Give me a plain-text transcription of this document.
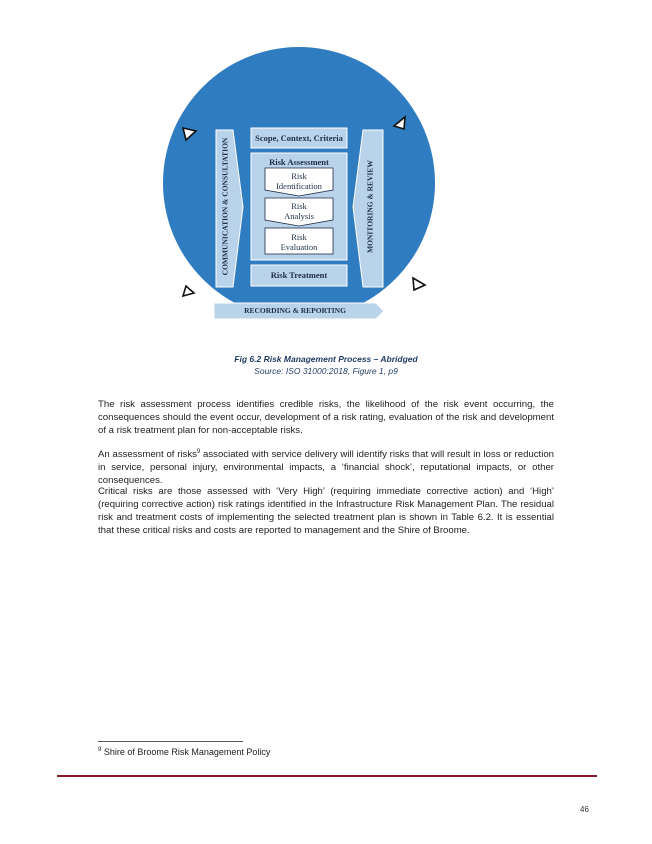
Scope, Context, Criteria
Risk Assessment
Risk
Identification
Risk
Analysis
Risk
Evaluation
Risk Treatment
COMMUNICATION & CONSULTATION	MONITORING & REVIEW
RECORDING & REPORTING
Fig 6.2 Risk Management Process – Abridged
Source: ISO 31000:2018, Figure 1, p9

The risk assessment process identifies credible risks, the likelihood of the risk event occurring, the consequences should the event occur, development of a risk rating, evaluation of the risk and development of a risk treatment plan for non-acceptable risks.

An assessment of risks$^9$ associated with service delivery will identify risks that will result in loss or reduction in service, personal injury, environmental impacts, a ‘financial shock’, reputational impacts, or other consequences.

Critical risks are those assessed with ‘Very High’ (requiring immediate corrective action) and ‘High’ (requiring corrective action) risk ratings identified in the Infrastructure Risk Management Plan. The residual risk and treatment costs of implementing the selected treatment plan is shown in Table 6.2. It is essential that these critical risks and costs are reported to management and the Shire of Broome.

$^9$ Shire of Broome Risk Management Policy
46
